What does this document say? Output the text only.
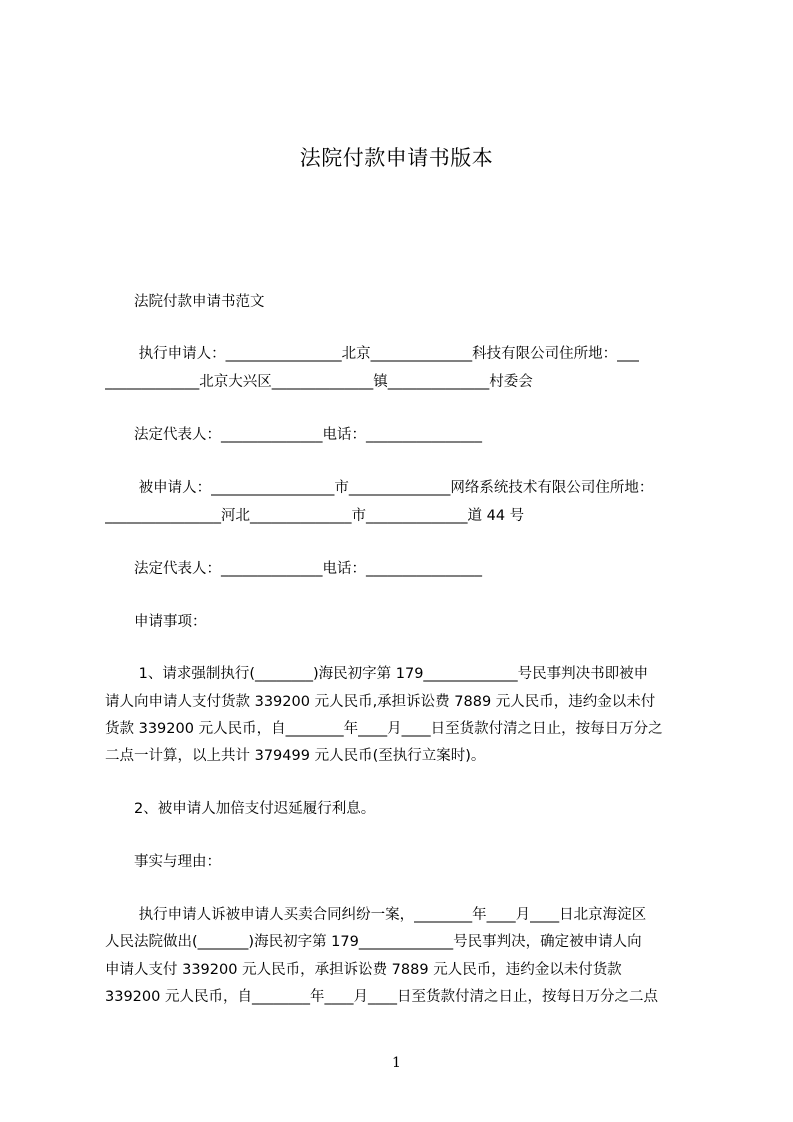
法院付款申请书版本
　　法院付款申请书范文
　　 执行申请人：________________北京______________科技有限公司住所地：___
_____________北京大兴区______________镇______________村委会
　　法定代表人：______________电话：________________
　　 被申请人：_________________市______________网络系统技术有限公司住所地：
________________河北______________市______________道 44 号
　　法定代表人：______________电话：________________
　　申请事项：
　　 1、请求强制执行(________)海民初字第 179_____________号民事判决书即被申
请人向申请人支付货款 339200 元人民币,承担诉讼费 7889 元人民币，违约金以未付
货款 339200 元人民币，自________年____月____日至货款付清之日止，按每日万分之
二点一计算，以上共计 379499 元人民币(至执行立案时)。
　　2、被申请人加倍支付迟延履行利息。
　　事实与理由：
　　 执行申请人诉被申请人买卖合同纠纷一案，________年____月____日北京海淀区
人民法院做出(_______)海民初字第 179_____________号民事判决，确定被申请人向
申请人支付 339200 元人民币，承担诉讼费 7889 元人民币，违约金以未付货款
339200 元人民币，自________年____月____日至货款付清之日止，按每日万分之二点
1
